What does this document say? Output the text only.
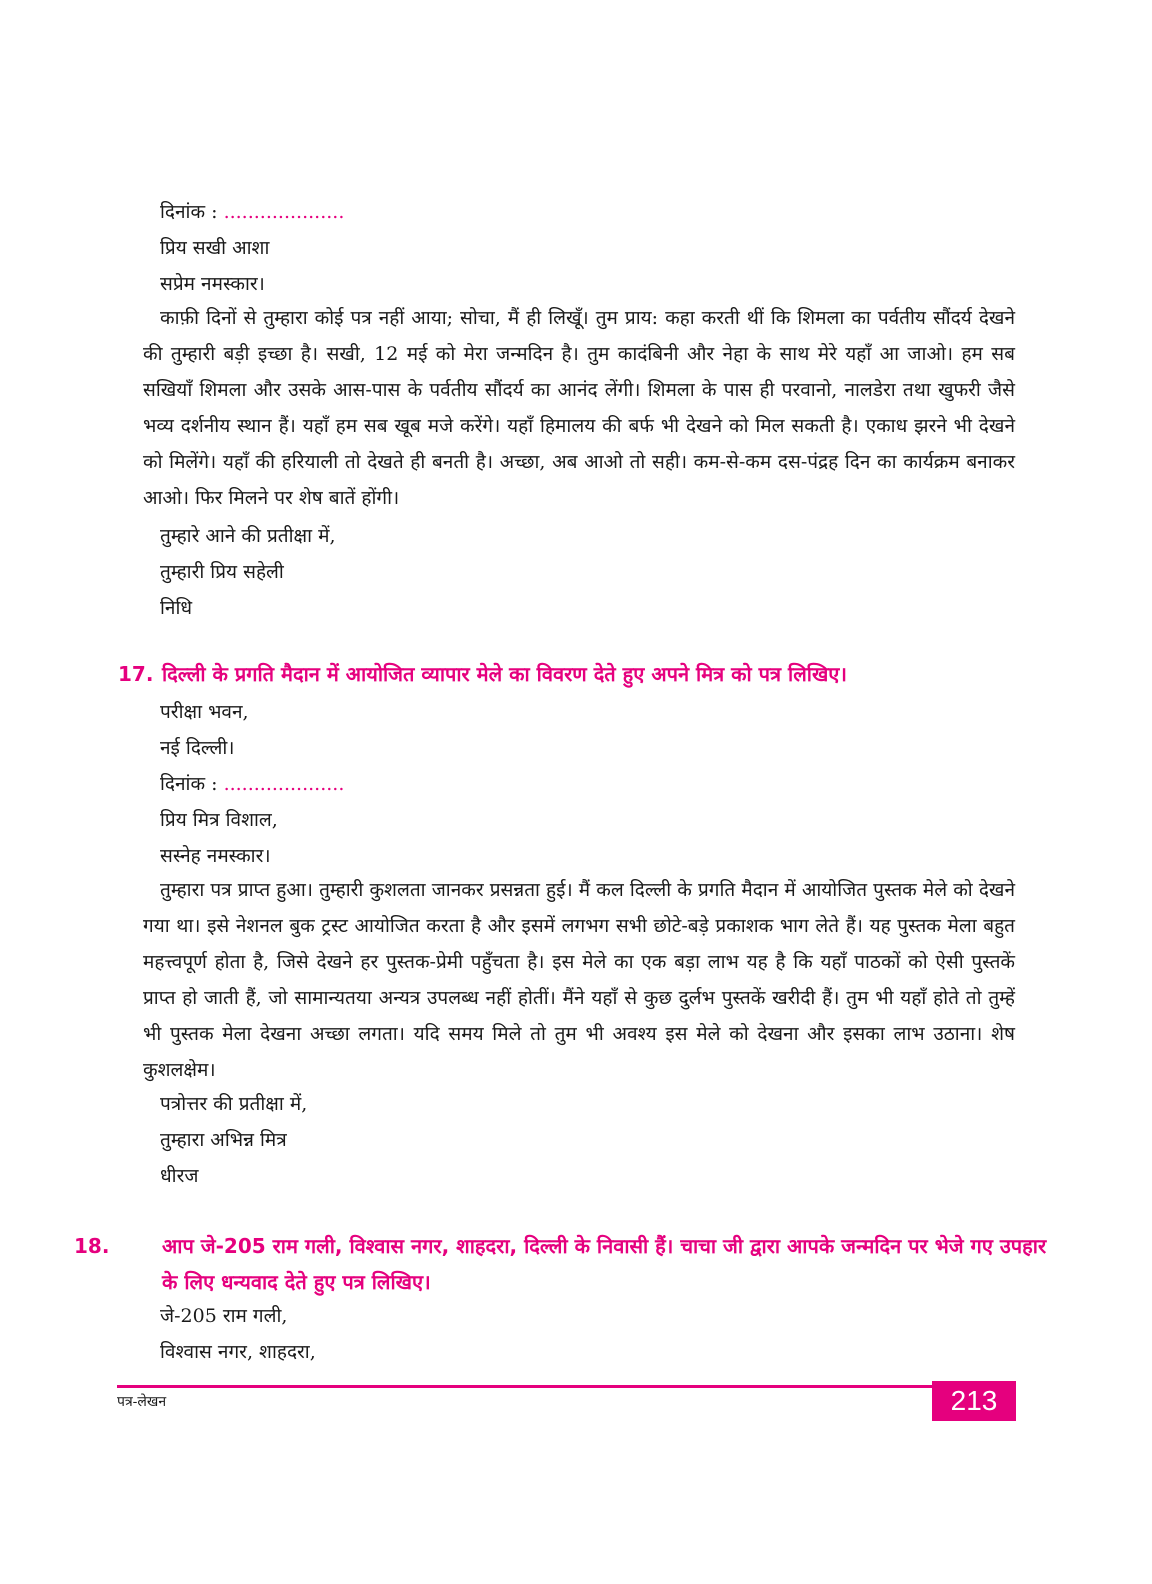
दिनांक : ....................
प्रिय सखी आशा
सप्रेम नमस्कार।
काफ़ी दिनों से तुम्हारा कोई पत्र नहीं आया; सोचा, मैं ही लिखूँ। तुम प्राय: कहा करती थीं कि शिमला का पर्वतीय सौंदर्य देखने की तुम्हारी बड़ी इच्छा है। सखी, 12 मई को मेरा जन्मदिन है। तुम कादंबिनी और नेहा के साथ मेरे यहाँ आ जाओ। हम सब सखियाँ शिमला और उसके आस-पास के पर्वतीय सौंदर्य का आनंद लेंगी। शिमला के पास ही परवानो, नालडेरा तथा खुफरी जैसे भव्य दर्शनीय स्थान हैं। यहाँ हम सब खूब मजे करेंगे। यहाँ हिमालय की बर्फ भी देखने को मिल सकती है। एकाध झरने भी देखने को मिलेंगे। यहाँ की हरियाली तो देखते ही बनती है। अच्छा, अब आओ तो सही। कम-से-कम दस-पंद्रह दिन का कार्यक्रम बनाकर आओ। फिर मिलने पर शेष बातें होंगी।
तुम्हारे आने की प्रतीक्षा में,
तुम्हारी प्रिय सहेली
निधि
17. दिल्ली के प्रगति मैदान में आयोजित व्यापार मेले का विवरण देते हुए अपने मित्र को पत्र लिखिए।
परीक्षा भवन,
नई दिल्ली।
दिनांक : ....................
प्रिय मित्र विशाल,
सस्नेह नमस्कार।
तुम्हारा पत्र प्राप्त हुआ। तुम्हारी कुशलता जानकर प्रसन्नता हुई। मैं कल दिल्ली के प्रगति मैदान में आयोजित पुस्तक मेले को देखने गया था। इसे नेशनल बुक ट्रस्ट आयोजित करता है और इसमें लगभग सभी छोटे-बड़े प्रकाशक भाग लेते हैं। यह पुस्तक मेला बहुत महत्त्वपूर्ण होता है, जिसे देखने हर पुस्तक-प्रेमी पहुँचता है। इस मेले का एक बड़ा लाभ यह है कि यहाँ पाठकों को ऐसी पुस्तकें प्राप्त हो जाती हैं, जो सामान्यतया अन्यत्र उपलब्ध नहीं होतीं। मैंने यहाँ से कुछ दुर्लभ पुस्तकें खरीदी हैं। तुम भी यहाँ होते तो तुम्हें भी पुस्तक मेला देखना अच्छा लगता। यदि समय मिले तो तुम भी अवश्य इस मेले को देखना और इसका लाभ उठाना। शेष कुशलक्षेम।
पत्रोत्तर की प्रतीक्षा में,
तुम्हारा अभिन्न मित्र
धीरज
18.	आप जे-205 राम गली, विश्वास नगर, शाहदरा, दिल्ली के निवासी हैं। चाचा जी द्वारा आपके जन्मदिन पर भेजे गए उपहार के लिए धन्यवाद देते हुए पत्र लिखिए।
जे-205 राम गली,
विश्वास नगर, शाहदरा,
पत्र-लेखन	213
